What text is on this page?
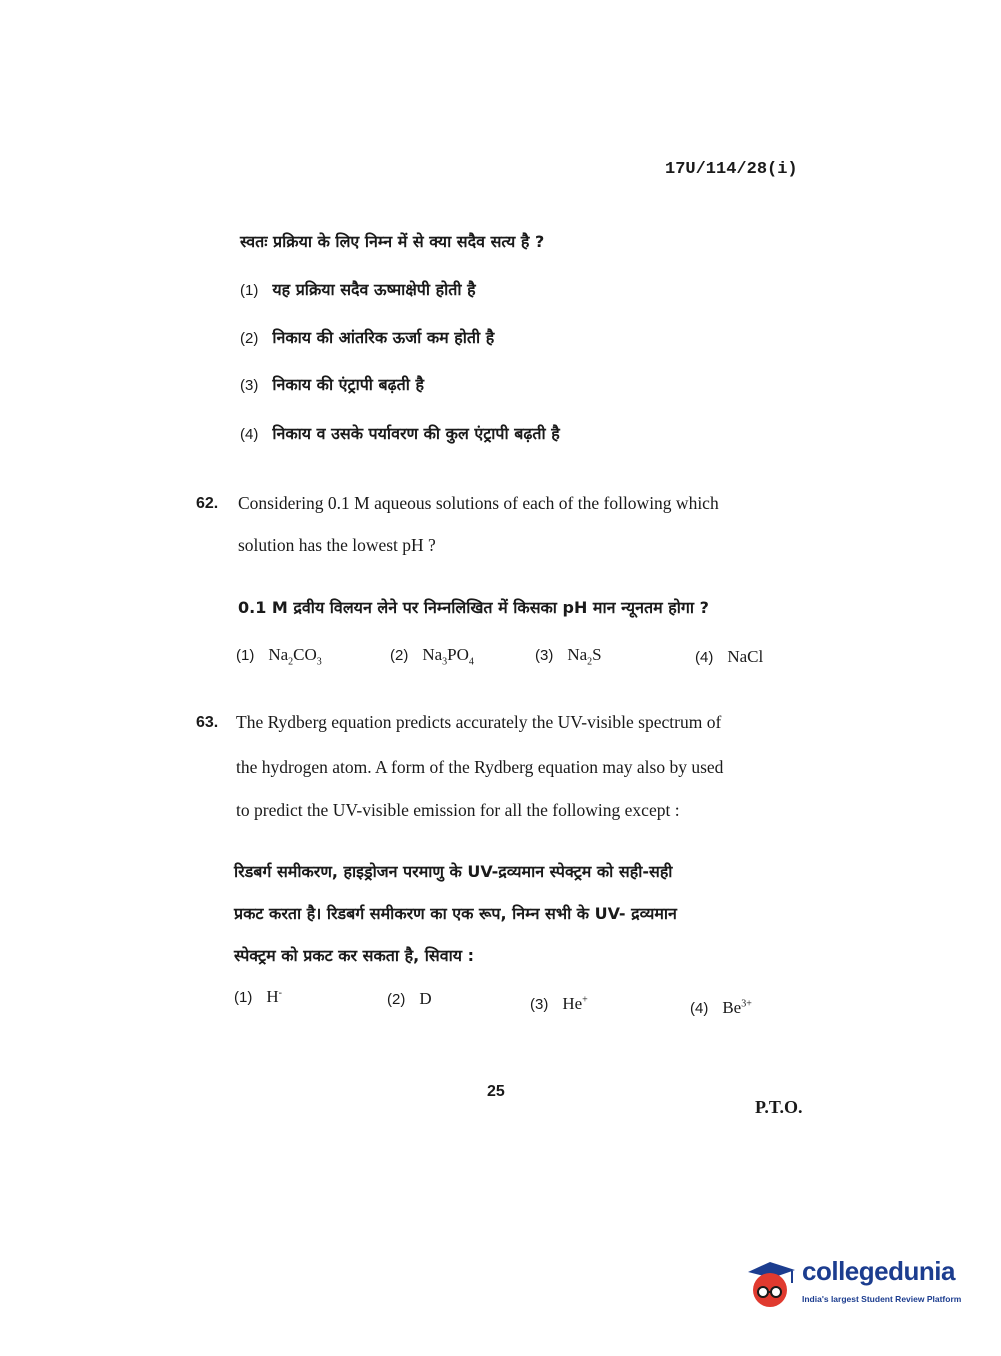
17U/114/28(i)
स्वतः प्रक्रिया के लिए निम्न में से क्या सदैव सत्य है ?
(1) यह प्रक्रिया सदैव ऊष्माक्षेपी होती है
(2) निकाय की आंतरिक ऊर्जा कम होती है
(3) निकाय की एंट्रापी बढ़ती है
(4) निकाय व उसके पर्यावरण की कुल एंट्रापी बढ़ती है
62. Considering 0.1 M aqueous solutions of each of the following which
solution has the lowest pH ?
0.1 M द्रवीय विलयन लेने पर निम्नलिखित में किसका pH मान न्यूनतम होगा ?
(1) $Na_2CO_3$	(2) $Na_3PO_4$	(3) $Na_2S$	(4) NaCl
63. The Rydberg equation predicts accurately the UV-visible spectrum of
the hydrogen atom. A form of the Rydberg equation may also by used
to predict the UV-visible emission for all the following except :
रिडबर्ग समीकरण, हाइड्रोजन परमाणु के UV-द्रव्यमान स्पेक्ट्रम को सही-सही
प्रकट करता है। रिडबर्ग समीकरण का एक रूप, निम्न सभी के UV- द्रव्यमान
स्पेक्ट्रम को प्रकट कर सकता है, सिवाय :
(1) H-	(2) D	(3) He+
(4) $Be^{3+}$
25
P.T.O.
collegedunia
India's largest Student Review Platform
